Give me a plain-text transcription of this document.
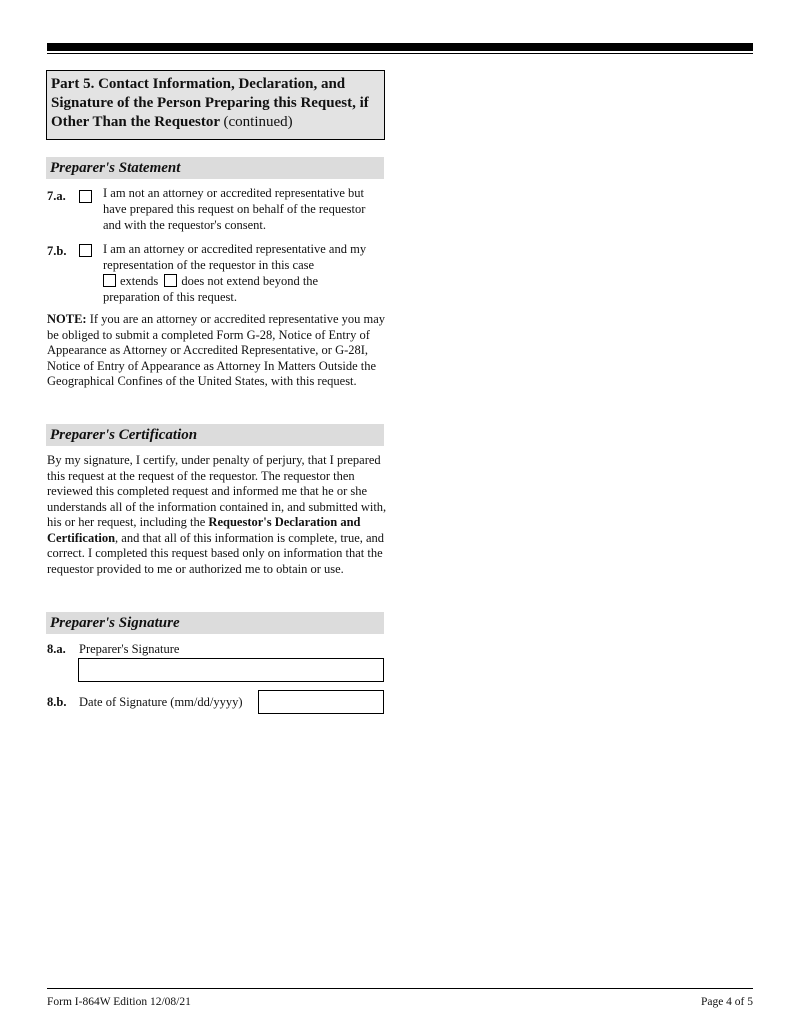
Part 5. Contact Information, Declaration, and Signature of the Person Preparing this Request, if Other Than the Requestor (continued)
Preparer's Statement
7.a.	I am not an attorney or accredited representative but have prepared this request on behalf of the requestor and with the requestor's consent.
7.b.	I am an attorney or accredited representative and my representation of the requestor in this case
extends does not extend beyond the
preparation of this request.
NOTE: If you are an attorney or accredited representative you may be obliged to submit a completed Form G-28, Notice of Entry of Appearance as Attorney or Accredited Representative, or G-28I, Notice of Entry of Appearance as Attorney In Matters Outside the Geographical Confines of the United States, with this request.
Preparer's Certification
By my signature, I certify, under penalty of perjury, that I prepared this request at the request of the requestor. The requestor then reviewed this completed request and informed me that he or she understands all of the information contained in, and submitted with, his or her request, including the Requestor's Declaration and Certification, and that all of this information is complete, true, and correct. I completed this request based only on information that the requestor provided to me or authorized me to obtain or use.
Preparer's Signature
8.a. Preparer's Signature
8.b. Date of Signature (mm/dd/yyyy)
Form I-864W Edition 12/08/21	Page 4 of 5
